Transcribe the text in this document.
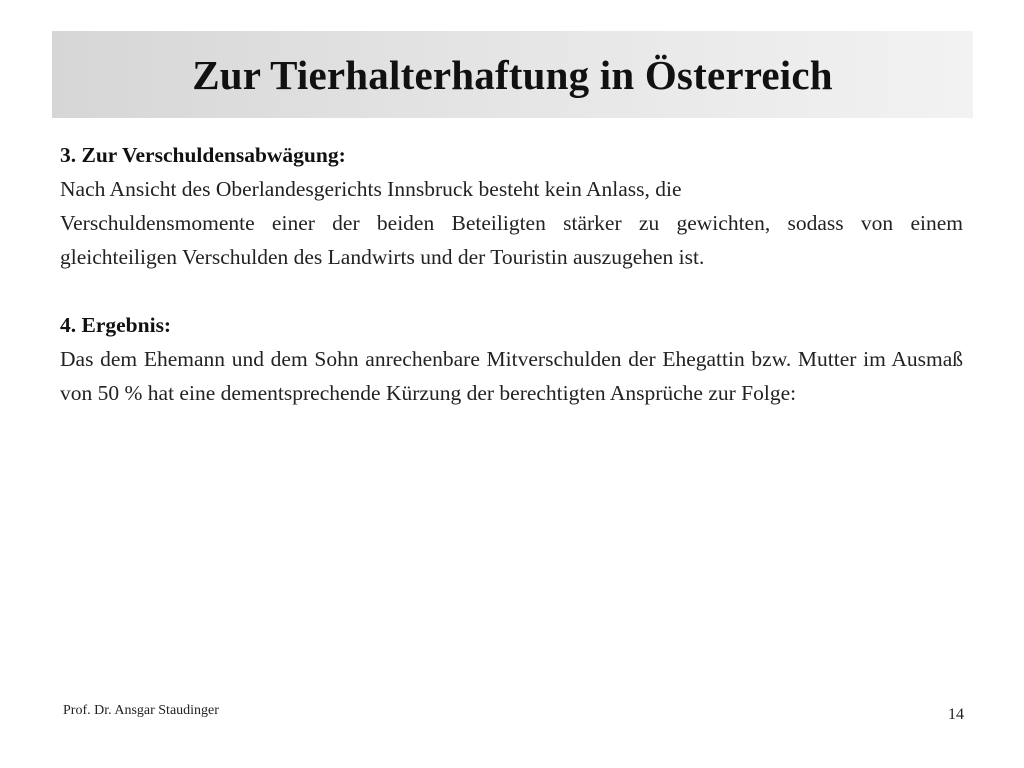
Zur Tierhalterhaftung in Österreich

3. Zur Verschuldensabwägung:

Nach Ansicht des Oberlandesgerichts Innsbruck besteht kein Anlass, die

Verschuldensmomente einer der beiden Beteiligten stärker zu gewichten, sodass von einem gleichteiligen Verschulden des Landwirts und der Touristin auszugehen ist.

4. Ergebnis:

Das dem Ehemann und dem Sohn anrechenbare Mitverschulden der Ehegattin bzw. Mutter im Ausmaß von 50 % hat eine dementsprechende Kürzung der berechtigten Ansprüche zur Folge:

Prof. Dr. Ansgar Staudinger	14
